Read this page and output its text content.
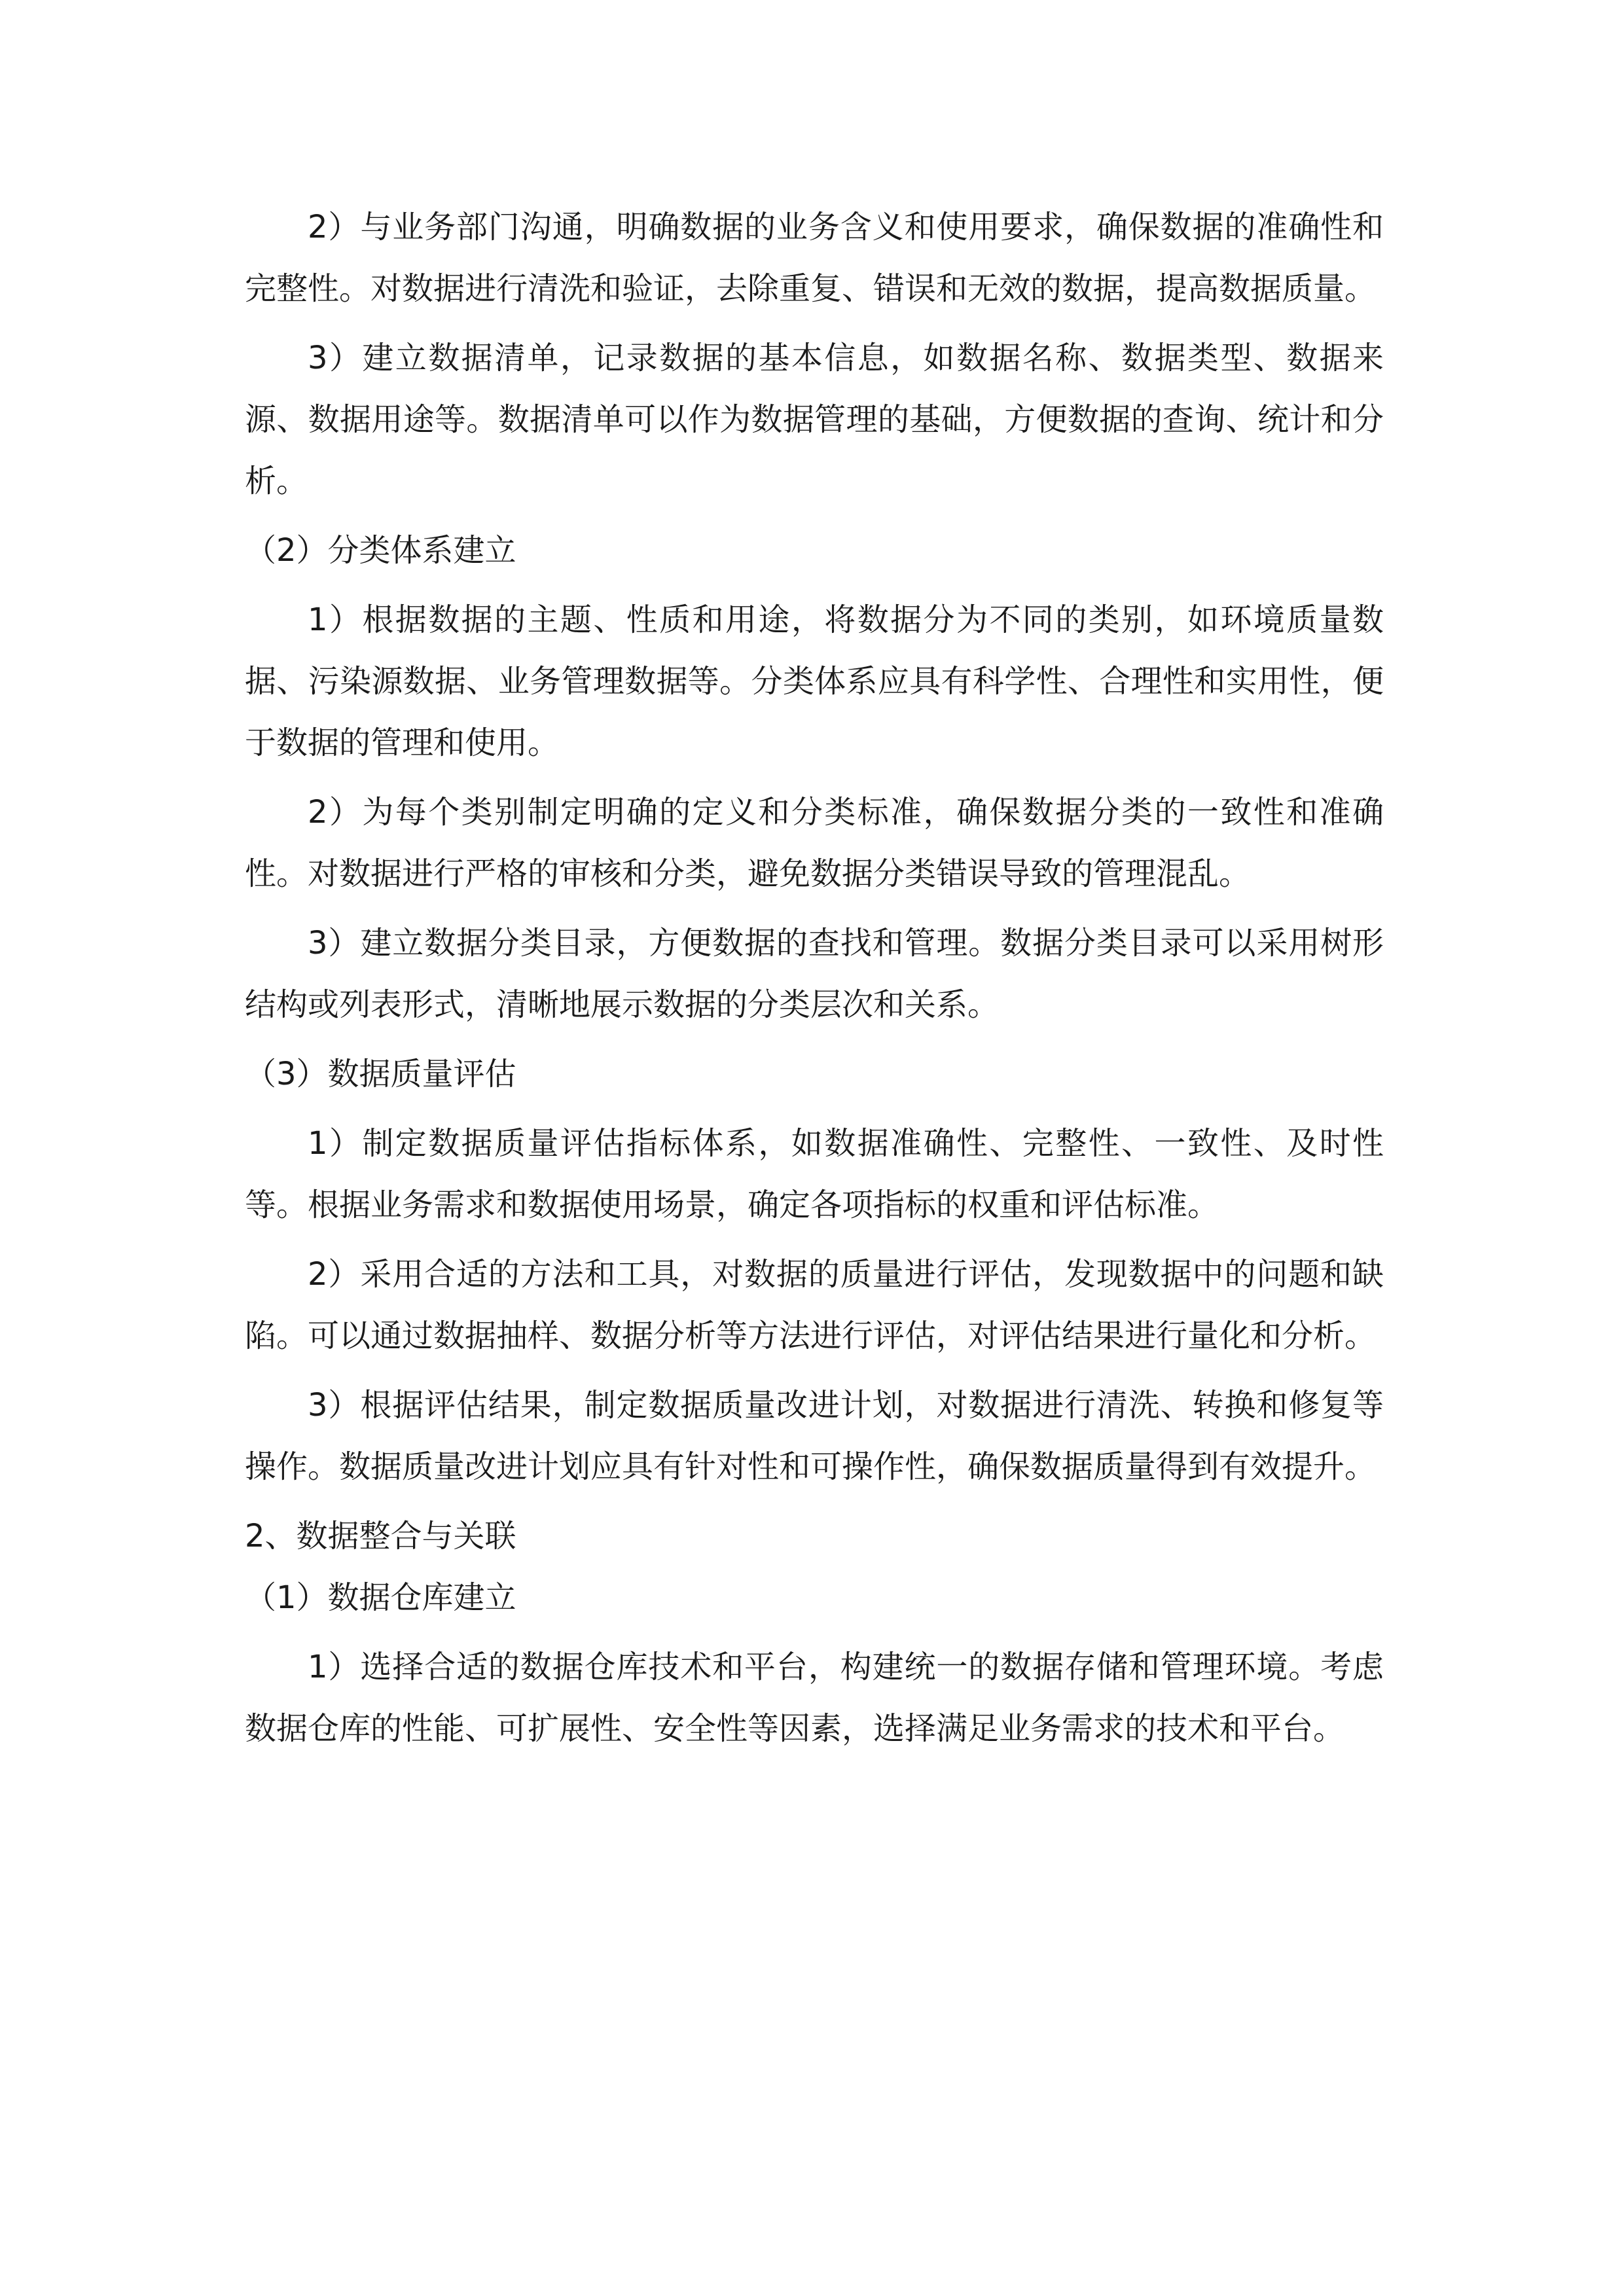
2）与业务部门沟通，明确数据的业务含义和使用要求，确保数据的准确性和完整性。对数据进行清洗和验证，去除重复、错误和无效的数据，提高数据质量。

3）建立数据清单，记录数据的基本信息，如数据名称、数据类型、数据来源、数据用途等。数据清单可以作为数据管理的基础，方便数据的查询、统计和分析。

（2）分类体系建立

1）根据数据的主题、性质和用途，将数据分为不同的类别，如环境质量数据、污染源数据、业务管理数据等。分类体系应具有科学性、合理性和实用性，便于数据的管理和使用。

2）为每个类别制定明确的定义和分类标准，确保数据分类的一致性和准确性。对数据进行严格的审核和分类，避免数据分类错误导致的管理混乱。

3）建立数据分类目录，方便数据的查找和管理。数据分类目录可以采用树形结构或列表形式，清晰地展示数据的分类层次和关系。

（3）数据质量评估

1）制定数据质量评估指标体系，如数据准确性、完整性、一致性、及时性等。根据业务需求和数据使用场景，确定各项指标的权重和评估标准。

2）采用合适的方法和工具，对数据的质量进行评估，发现数据中的问题和缺陷。可以通过数据抽样、数据分析等方法进行评估，对评估结果进行量化和分析。

3）根据评估结果，制定数据质量改进计划，对数据进行清洗、转换和修复等操作。数据质量改进计划应具有针对性和可操作性，确保数据质量得到有效提升。

2、数据整合与关联

（1）数据仓库建立

1）选择合适的数据仓库技术和平台，构建统一的数据存储和管理环境。考虑数据仓库的性能、可扩展性、安全性等因素，选择满足业务需求的技术和平台。
